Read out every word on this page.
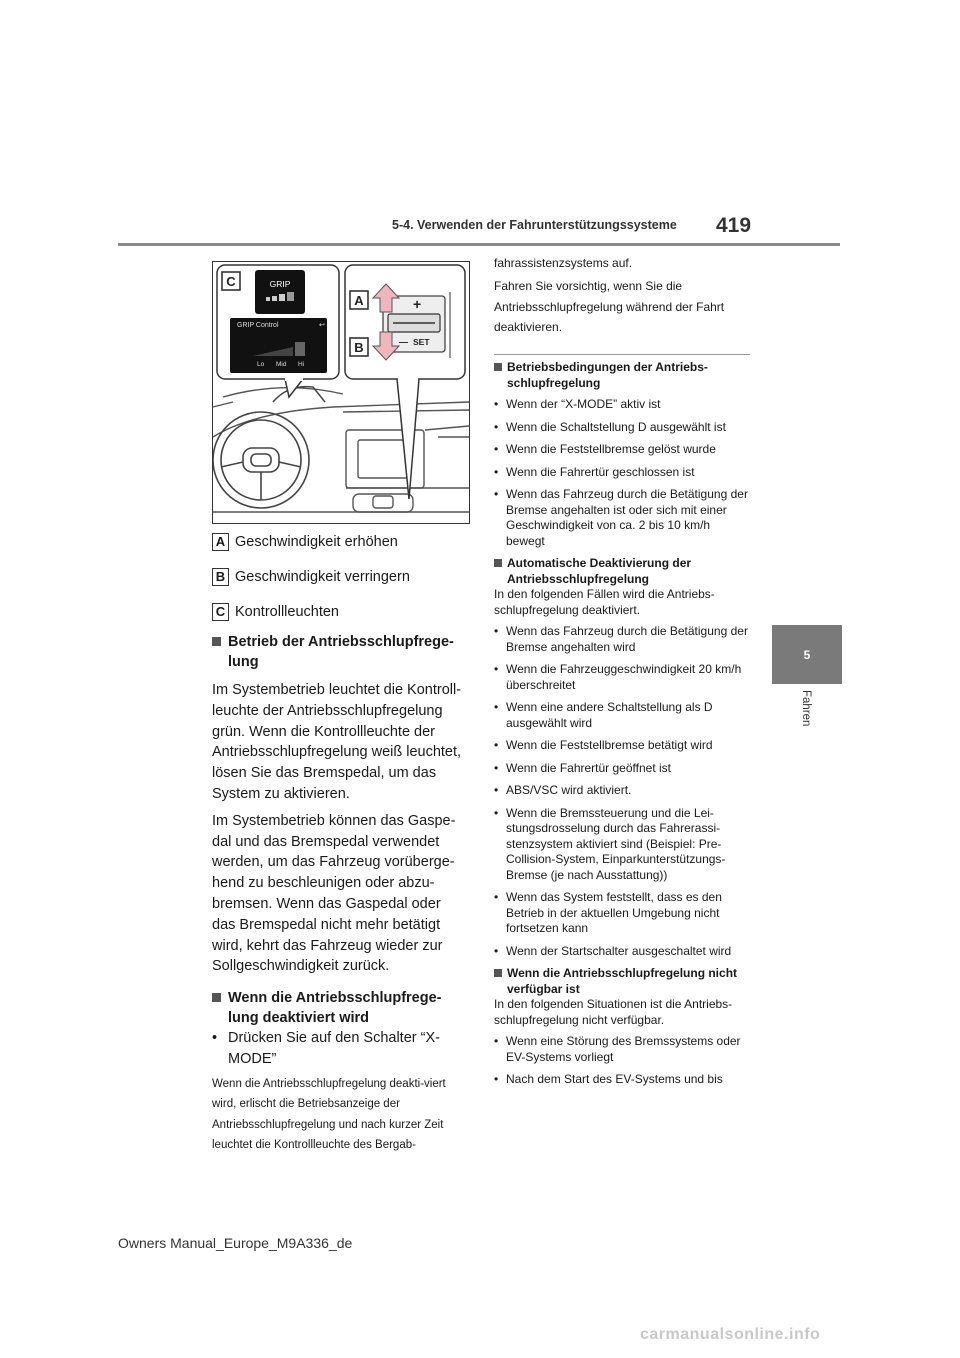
5-4. Verwenden der Fahrunterstützungssysteme 419
5
Fahren
GRIP
GRIP Control	↩
Lo Mid Hi
C
+
— SET
A
B
A Geschwindigkeit erhöhen
B Geschwindigkeit verringern
C Kontrollleuchten
Betrieb der Antriebsschlupfrege-lung

Im Systembetrieb leuchtet die Kontroll-leuchte der Antriebsschlupfregelung grün. Wenn die Kontrollleuchte der Antriebsschlupfregelung weiß leuchtet, lösen Sie das Bremspedal, um das System zu aktivieren.

Im Systembetrieb können das Gaspe-dal und das Bremspedal verwendet werden, um das Fahrzeug vorüberge-hend zu beschleunigen oder abzu-bremsen. Wenn das Gaspedal oder das Bremspedal nicht mehr betätigt wird, kehrt das Fahrzeug wieder zur Sollgeschwindigkeit zurück.

Wenn die Antriebsschlupfrege-lung deaktiviert wird
• Drücken Sie auf den Schalter “X-MODE”

Wenn die Antriebsschlupfregelung deakti-viert wird, erlischt die Betriebsanzeige der Antriebsschlupfregelung und nach kurzer Zeit leuchtet die Kontrollleuchte des Bergab-

fahrassistenzsystems auf.

Fahren Sie vorsichtig, wenn Sie die Antriebsschlupfregelung während der Fahrt deaktivieren.

Betriebsbedingungen der Antriebs-schlupfregelung
• Wenn der “X-MODE” aktiv ist
• Wenn die Schaltstellung D ausgewählt ist
• Wenn die Feststellbremse gelöst wurde
• Wenn die Fahrertür geschlossen ist
• Wenn das Fahrzeug durch die Betätigung der Bremse angehalten ist oder sich mit einer Geschwindigkeit von ca. 2 bis 10 km/h bewegt
Automatische Deaktivierung der Antriebsschlupfregelung
In den folgenden Fällen wird die Antriebs-schlupfregelung deaktiviert.
• Wenn das Fahrzeug durch die Betätigung der Bremse angehalten wird
• Wenn die Fahrzeuggeschwindigkeit 20 km/h überschreitet
• Wenn eine andere Schaltstellung als D ausgewählt wird
• Wenn die Feststellbremse betätigt wird
• Wenn die Fahrertür geöffnet ist
• ABS/VSC wird aktiviert.
• Wenn die Bremssteuerung und die Lei-stungsdrosselung durch das Fahrerassi-stenzsystem aktiviert sind (Beispiel: Pre-Collision-System, Einparkunterstützungs-Bremse (je nach Ausstattung))
• Wenn das System feststellt, dass es den Betrieb in der aktuellen Umgebung nicht fortsetzen kann
• Wenn der Startschalter ausgeschaltet wird
Wenn die Antriebsschlupfregelung nicht verfügbar ist
In den folgenden Situationen ist die Antriebs-schlupfregelung nicht verfügbar.
• Wenn eine Störung des Bremssystems oder EV-Systems vorliegt
• Nach dem Start des EV-Systems und bis
Owners Manual_Europe_M9A336_de
carmanualsonline.info
